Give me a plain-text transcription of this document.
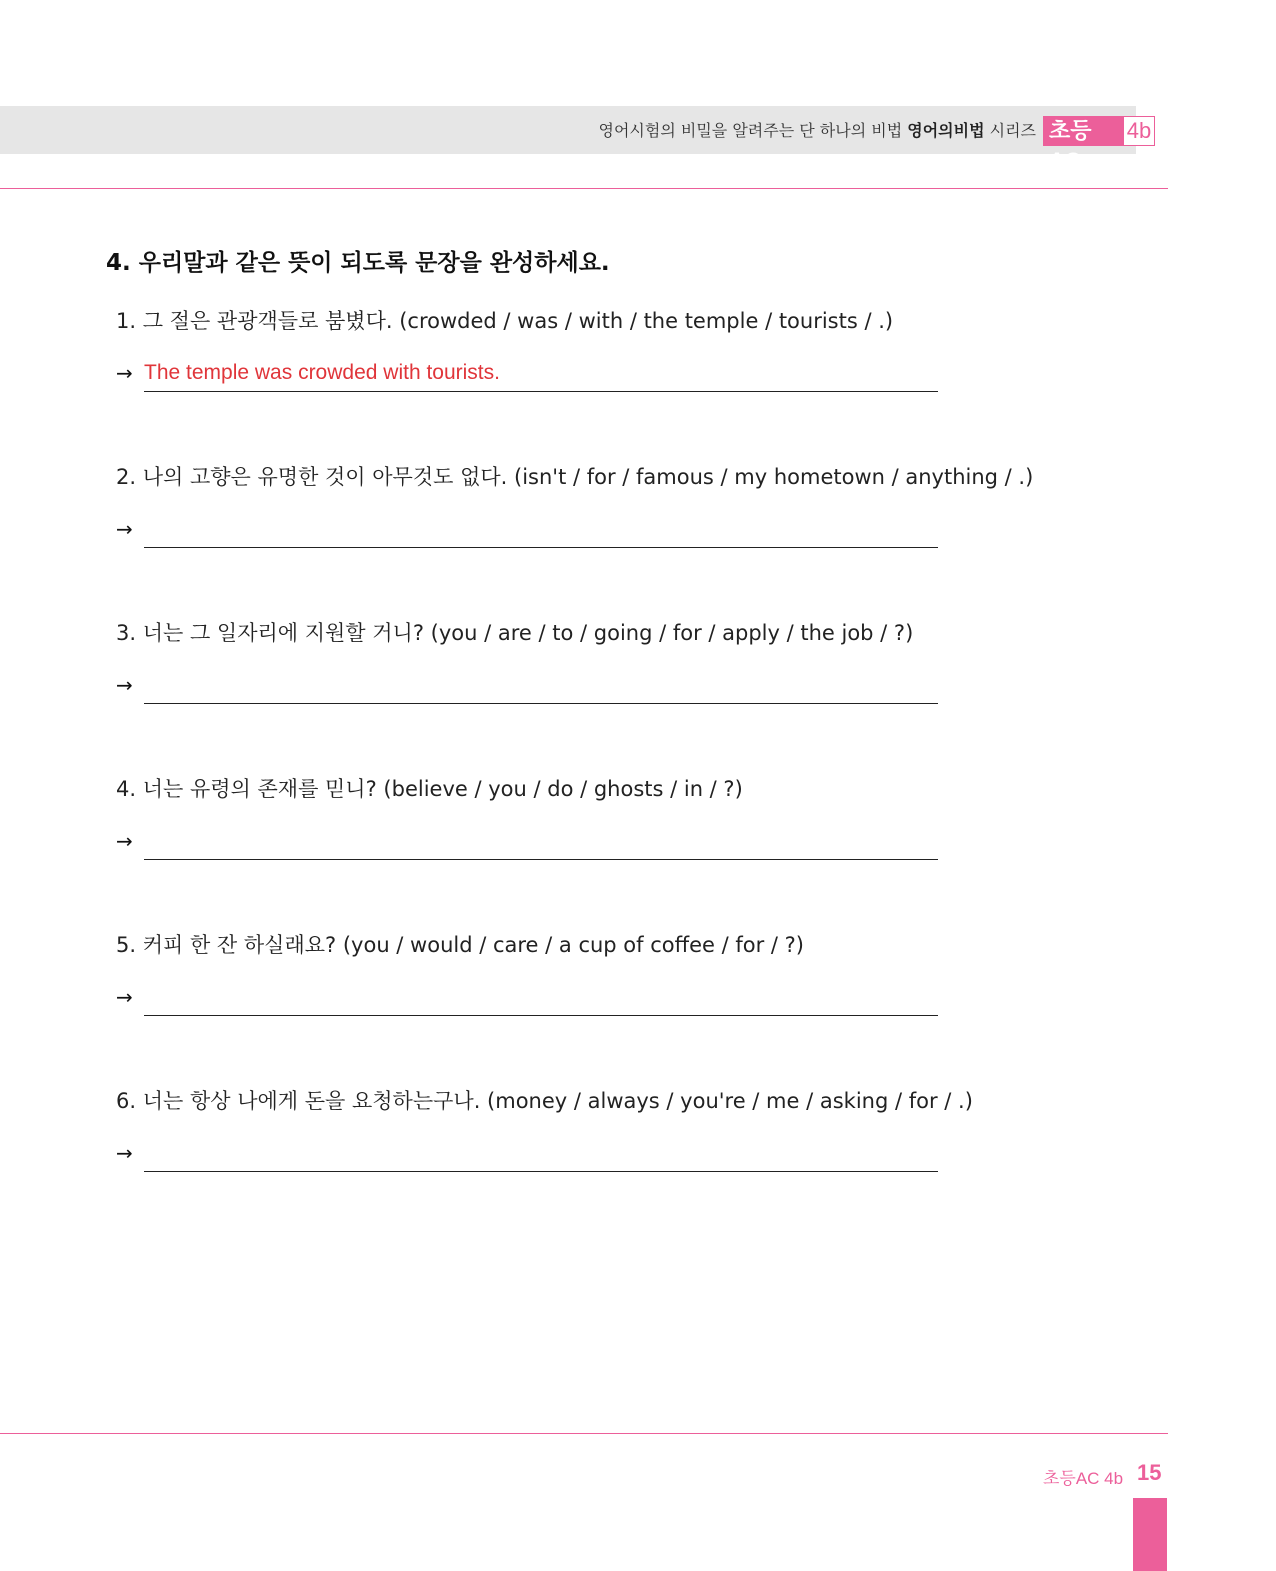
영어시험의 비밀을 알려주는 단 하나의 비법 영어의비법 시리즈 초등AC
4b
4. 우리말과 같은 뜻이 되도록 문장을 완성하세요.
1. 그 절은 관광객들로 붐볐다. (crowded / was / with / the temple / tourists / .)
→ The temple was crowded with tourists.
2. 나의 고향은 유명한 것이 아무것도 없다. (isn't / for / famous / my hometown / anything / .)
→
3. 너는 그 일자리에 지원할 거니? (you / are / to / going / for / apply / the job / ?)
→
4. 너는 유령의 존재를 믿니? (believe / you / do / ghosts / in / ?)
→
5. 커피 한 잔 하실래요? (you / would / care / a cup of coffee / for / ?)
→
6. 너는 항상 나에게 돈을 요청하는구나. (money / always / you're / me / asking / for / .)
→
초등AC 4b 15
